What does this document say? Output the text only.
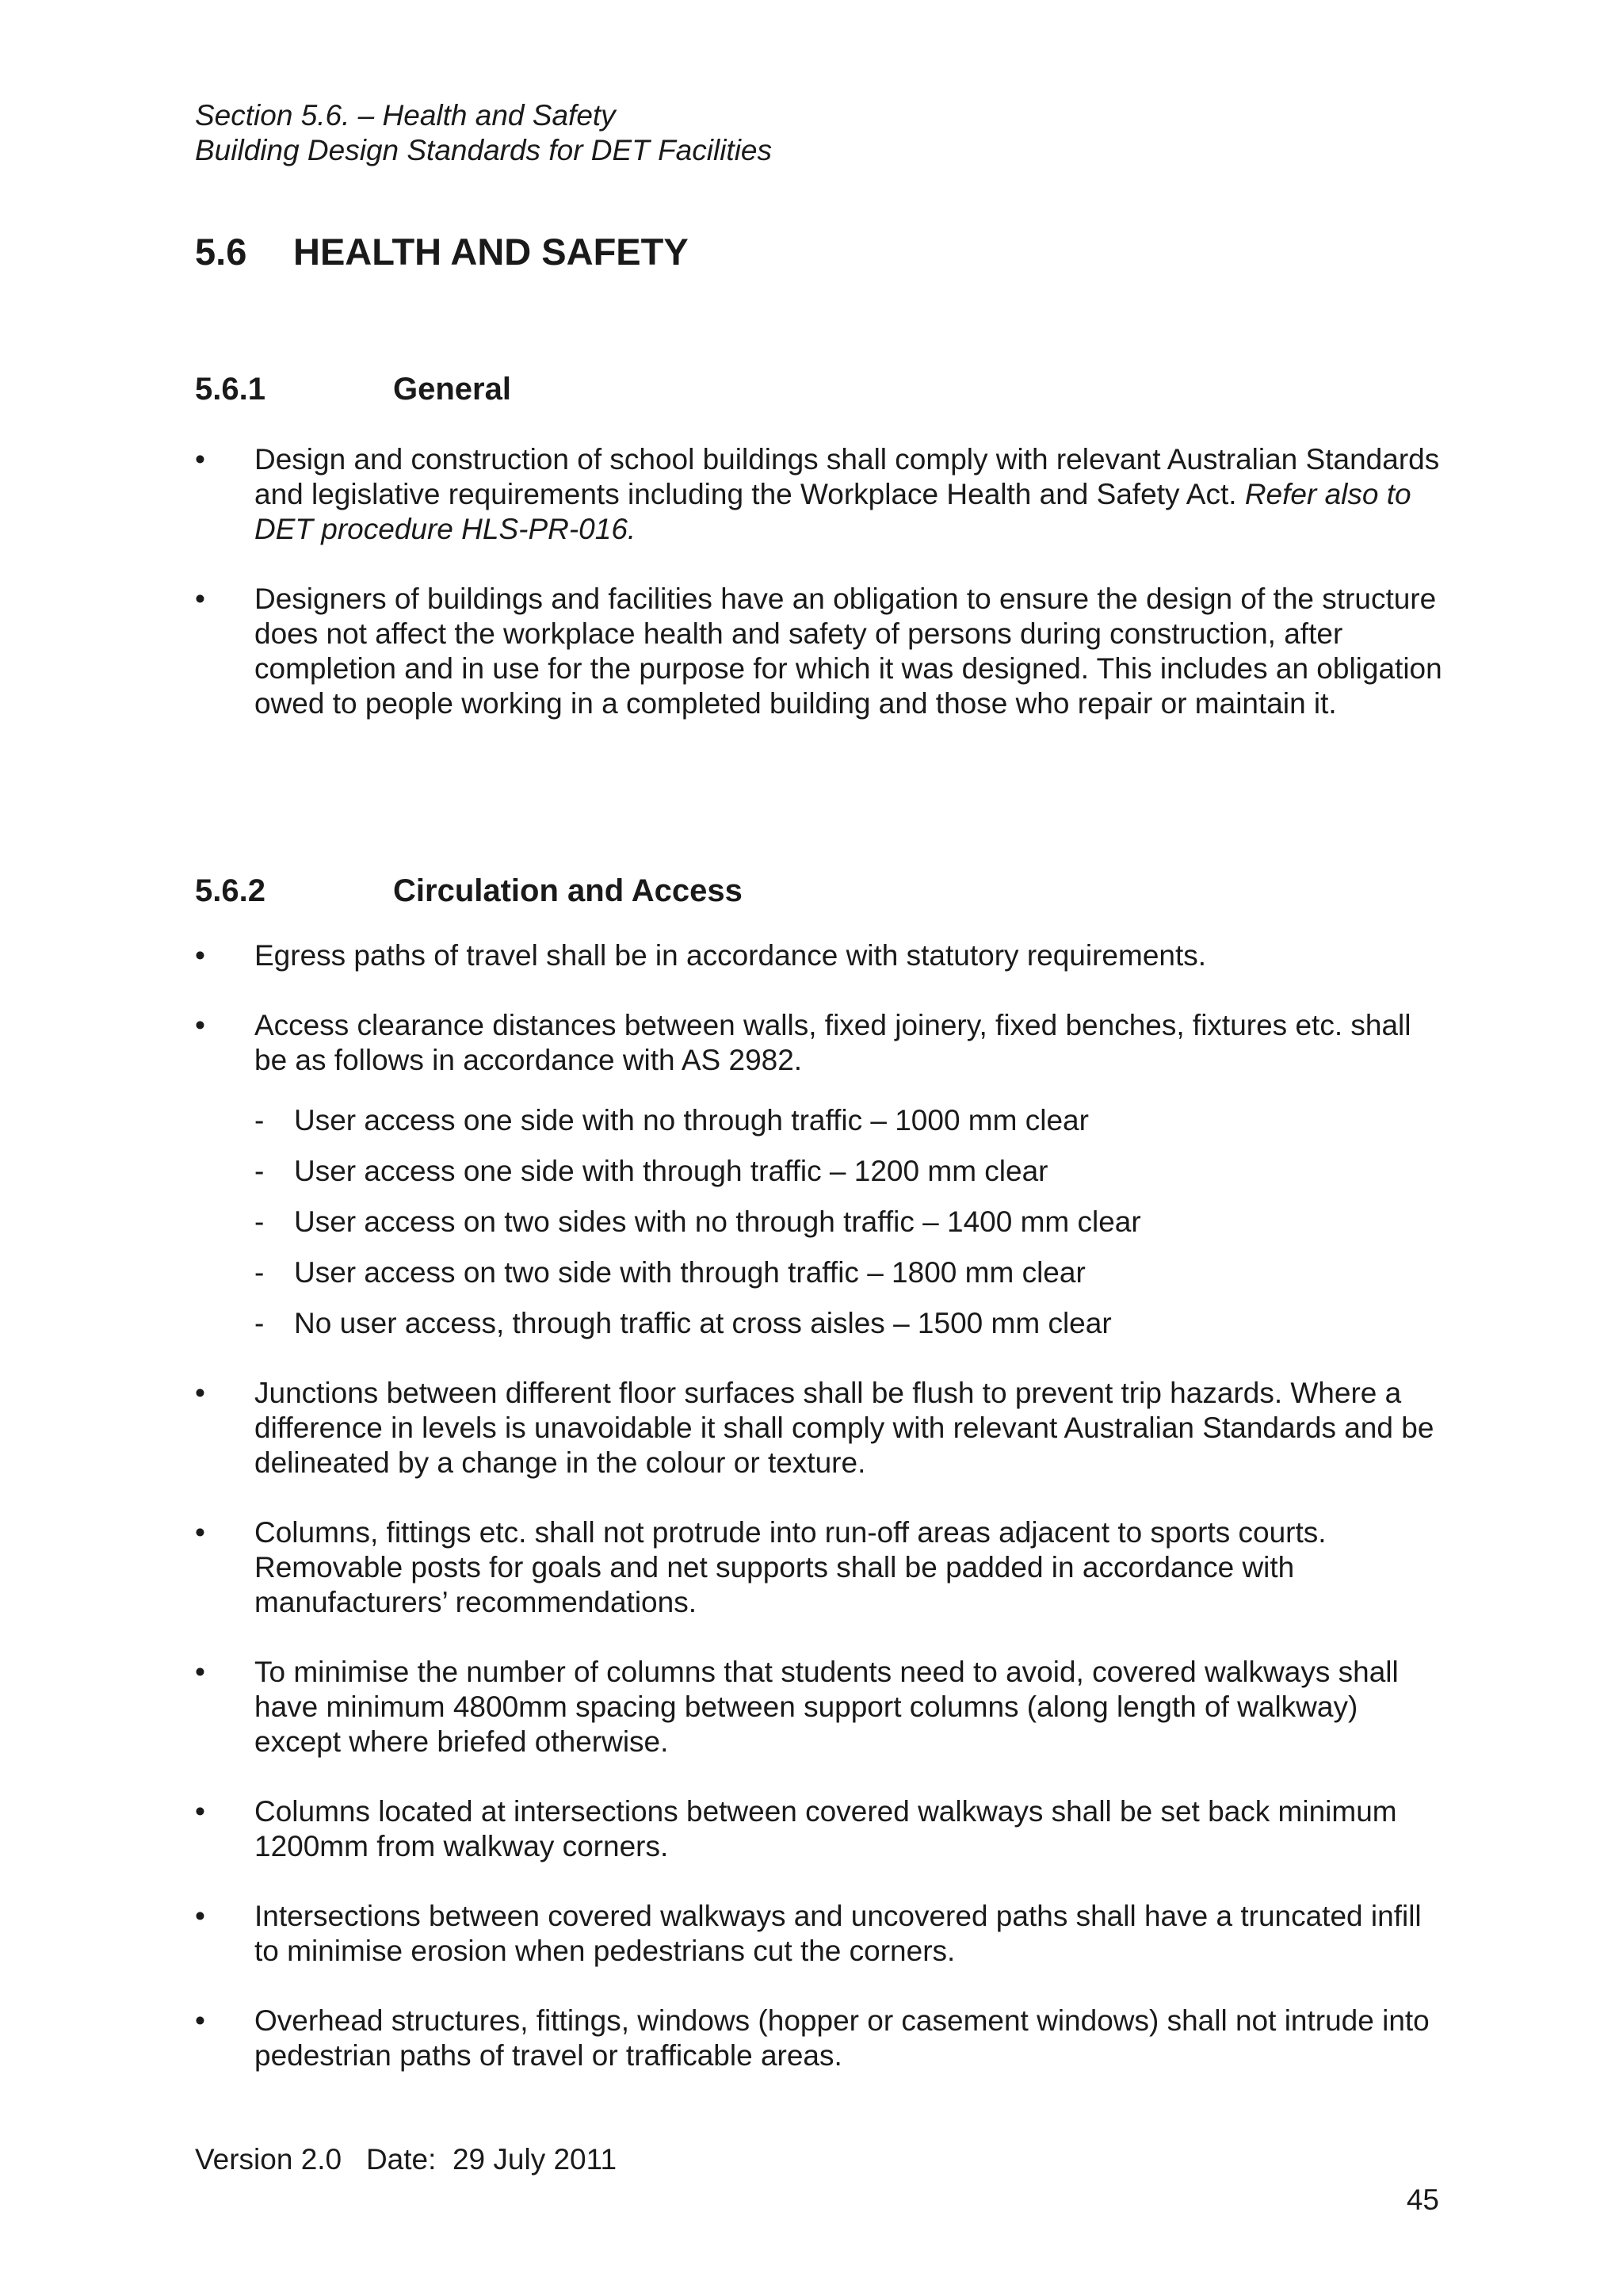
Section 5.6. – Health and Safety
Building Design Standards for DET Facilities
5.6 HEALTH AND SAFETY
5.6.1	General
•	Design and construction of school buildings shall comply with relevant Australian Standards and legislative requirements including the Workplace Health and Safety Act. Refer also to DET procedure HLS-PR-016.
•	Designers of buildings and facilities have an obligation to ensure the design of the structure does not affect the workplace health and safety of persons during construction, after completion and in use for the purpose for which it was designed. This includes an obligation owed to people working in a completed building and those who repair or maintain it.
5.6.2	Circulation and Access
•	Egress paths of travel shall be in accordance with statutory requirements.
•	Access clearance distances between walls, fixed joinery, fixed benches, fixtures etc. shall be as follows in accordance with AS 2982.
- User access one side with no through traffic – 1000 mm clear
- User access one side with through traffic – 1200 mm clear
- User access on two sides with no through traffic – 1400 mm clear
- User access on two side with through traffic – 1800 mm clear
- No user access, through traffic at cross aisles – 1500 mm clear
•	Junctions between different floor surfaces shall be flush to prevent trip hazards. Where a difference in levels is unavoidable it shall comply with relevant Australian Standards and be delineated by a change in the colour or texture.
•	Columns, fittings etc. shall not protrude into run-off areas adjacent to sports courts. Removable posts for goals and net supports shall be padded in accordance with manufacturers’ recommendations.
•	To minimise the number of columns that students need to avoid, covered walkways shall have minimum 4800mm spacing between support columns (along length of walkway) except where briefed otherwise.
•	Columns located at intersections between covered walkways shall be set back minimum 1200mm from walkway corners.
•	Intersections between covered walkways and uncovered paths shall have a truncated infill to minimise erosion when pedestrians cut the corners.
•	Overhead structures, fittings, windows (hopper or casement windows) shall not intrude into pedestrian paths of travel or trafficable areas.
Version 2.0   Date:  29 July 2011
45
